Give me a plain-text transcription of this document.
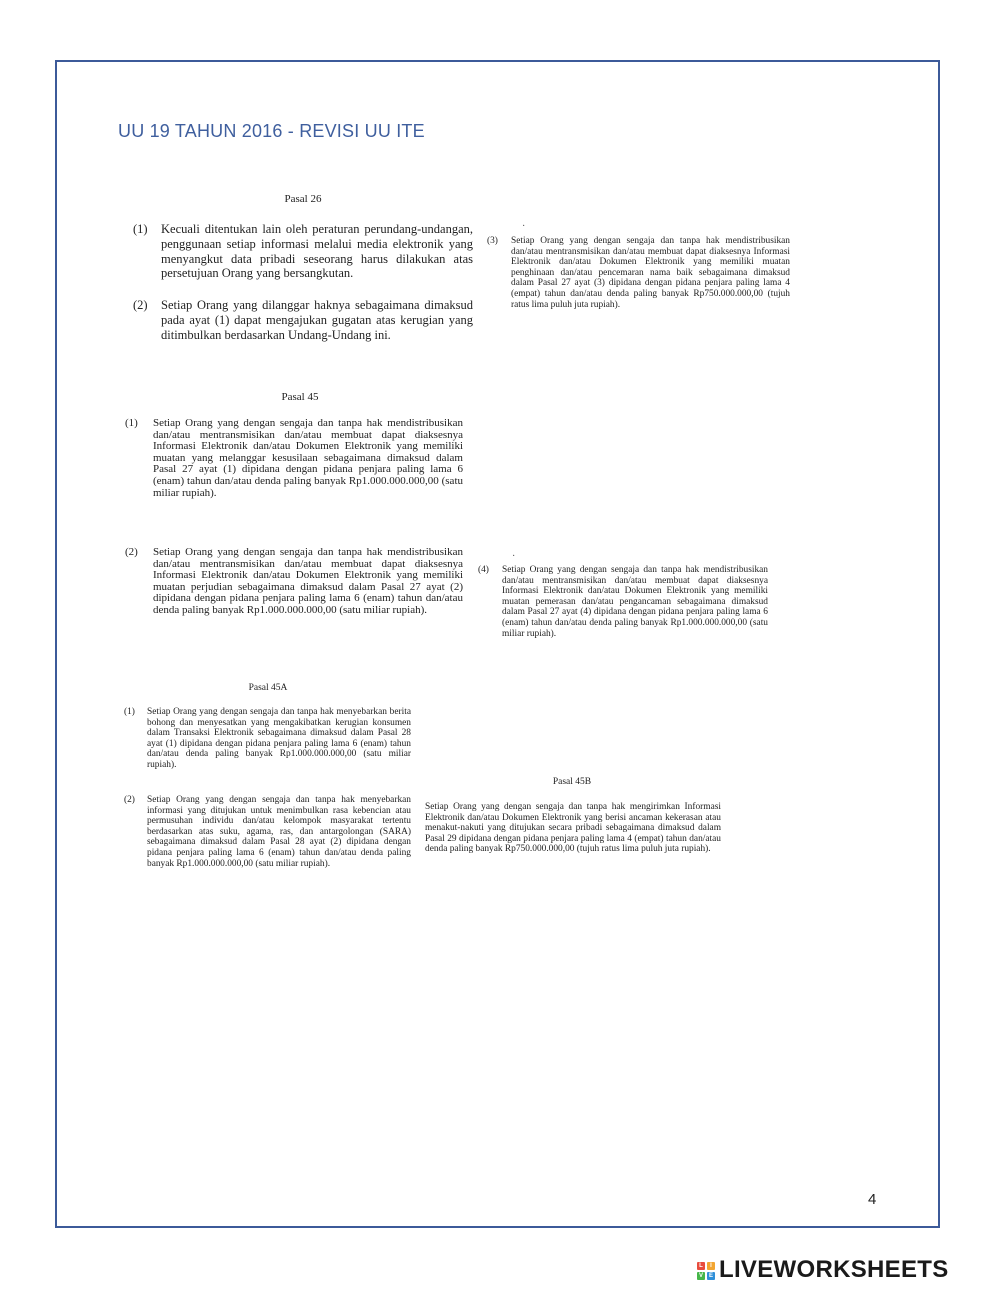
UU 19 TAHUN 2016 - REVISI UU ITE
Pasal 26
(1)	Kecuali ditentukan lain oleh peraturan perundang-undangan, penggunaan setiap informasi melalui media elektronik yang menyangkut data pribadi seseorang harus dilakukan atas persetujuan Orang yang bersangkutan.
(2)	Setiap Orang yang dilanggar haknya sebagaimana dimaksud pada ayat (1) dapat mengajukan gugatan atas kerugian yang ditimbulkan berdasarkan Undang-Undang ini.
Pasal 45
(1)	Setiap Orang yang dengan sengaja dan tanpa hak mendistribusikan dan/atau mentransmisikan dan/atau membuat dapat diaksesnya Informasi Elektronik dan/atau Dokumen Elektronik yang memiliki muatan yang melanggar kesusilaan sebagaimana dimaksud dalam Pasal 27 ayat (1) dipidana dengan pidana penjara paling lama 6 (enam) tahun dan/atau denda paling banyak Rp1.000.000.000,00 (satu miliar rupiah).
(2)	Setiap Orang yang dengan sengaja dan tanpa hak mendistribusikan dan/atau mentransmisikan dan/atau membuat dapat diaksesnya Informasi Elektronik dan/atau Dokumen Elektronik yang memiliki muatan perjudian sebagaimana dimaksud dalam Pasal 27 ayat (2) dipidana dengan pidana penjara paling lama 6 (enam) tahun dan/atau denda paling banyak Rp1.000.000.000,00 (satu miliar rupiah).
·
(3)	Setiap Orang yang dengan sengaja dan tanpa hak mendistribusikan dan/atau mentransmisikan dan/atau membuat dapat diaksesnya Informasi Elektronik dan/atau Dokumen Elektronik yang memiliki muatan penghinaan dan/atau pencemaran nama baik sebagaimana dimaksud dalam Pasal 27 ayat (3) dipidana dengan pidana penjara paling lama 4 (empat) tahun dan/atau denda paling banyak Rp750.000.000,00 (tujuh ratus lima puluh juta rupiah).
·
(4)	Setiap Orang yang dengan sengaja dan tanpa hak mendistribusikan dan/atau mentransmisikan dan/atau membuat dapat diaksesnya Informasi Elektronik dan/atau Dokumen Elektronik yang memiliki muatan pemerasan dan/atau pengancaman sebagaimana dimaksud dalam Pasal 27 ayat (4) dipidana dengan pidana penjara paling lama 6 (enam) tahun dan/atau denda paling banyak Rp1.000.000.000,00 (satu miliar rupiah).
Pasal 45A
(1)	Setiap Orang yang dengan sengaja dan tanpa hak menyebarkan berita bohong dan menyesatkan yang mengakibatkan kerugian konsumen dalam Transaksi Elektronik sebagaimana dimaksud dalam Pasal 28 ayat (1) dipidana dengan pidana penjara paling lama 6 (enam) tahun dan/atau denda paling banyak Rp1.000.000.000,00 (satu miliar rupiah).
(2)	Setiap Orang yang dengan sengaja dan tanpa hak menyebarkan informasi yang ditujukan untuk menimbulkan rasa kebencian atau permusuhan individu dan/atau kelompok masyarakat tertentu berdasarkan atas suku, agama, ras, dan antargolongan (SARA) sebagaimana dimaksud dalam Pasal 28 ayat (2) dipidana dengan pidana penjara paling lama 6 (enam) tahun dan/atau denda paling banyak Rp1.000.000.000,00 (satu miliar rupiah).
Pasal 45B
Setiap Orang yang dengan sengaja dan tanpa hak mengirimkan Informasi Elektronik dan/atau Dokumen Elektronik yang berisi ancaman kekerasan atau menakut-nakuti yang ditujukan secara pribadi sebagaimana dimaksud dalam Pasal 29 dipidana dengan pidana penjara paling lama 4 (empat) tahun dan/atau denda paling banyak Rp750.000.000,00 (tujuh ratus lima puluh juta rupiah).
4
L	I
V E LIVEWORKSHEETS
